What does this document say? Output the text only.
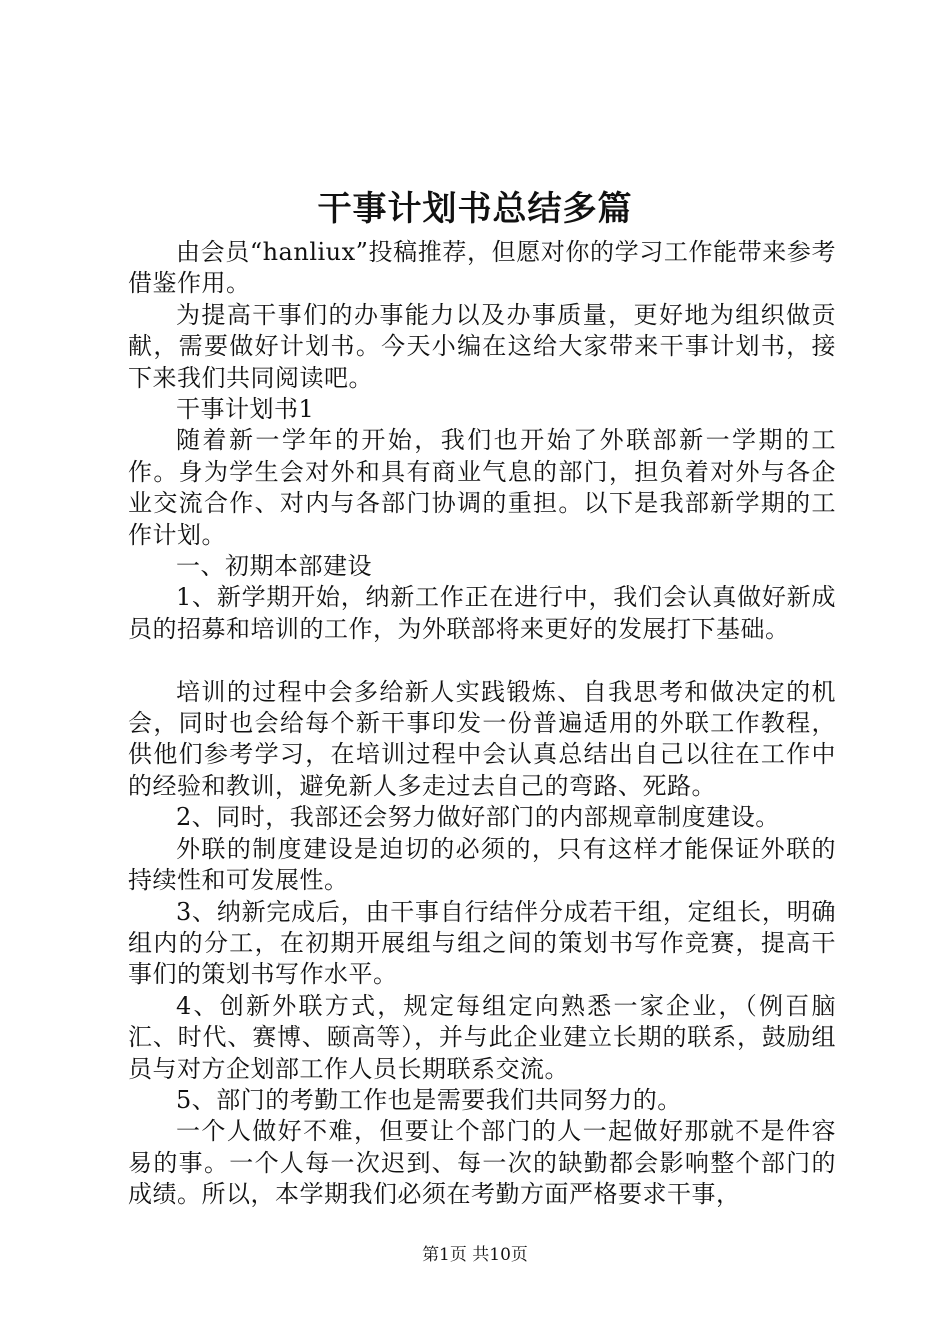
干事计划书总结多篇

由会员“hanliux”投稿推荐，但愿对你的学习工作能带来参考借鉴作用。

为提高干事们的办事能力以及办事质量，更好地为组织做贡献，需要做好计划书。今天小编在这给大家带来干事计划书，接下来我们共同阅读吧。

干事计划书1

随着新一学年的开始，我们也开始了外联部新一学期的工作。身为学生会对外和具有商业气息的部门，担负着对外与各企业交流合作、对内与各部门协调的重担。以下是我部新学期的工作计划。

一、初期本部建设

1、新学期开始，纳新工作正在进行中，我们会认真做好新成员的招募和培训的工作，为外联部将来更好的发展打下基础。

培训的过程中会多给新人实践锻炼、自我思考和做决定的机会，同时也会给每个新干事印发一份普遍适用的外联工作教程，供他们参考学习，在培训过程中会认真总结出自己以往在工作中的经验和教训，避免新人多走过去自己的弯路、死路。

2、同时，我部还会努力做好部门的内部规章制度建设。

外联的制度建设是迫切的必须的，只有这样才能保证外联的持续性和可发展性。

3、纳新完成后，由干事自行结伴分成若干组，定组长，明确组内的分工，在初期开展组与组之间的策划书写作竞赛，提高干事们的策划书写作水平。

4、创新外联方式，规定每组定向熟悉一家企业，（例百脑汇、时代、赛博、颐高等），并与此企业建立长期的联系，鼓励组员与对方企划部工作人员长期联系交流。

5、部门的考勤工作也是需要我们共同努力的。

一个人做好不难，但要让个部门的人一起做好那就不是件容易的事。一个人每一次迟到、每一次的缺勤都会影响整个部门的成绩。所以，本学期我们必须在考勤方面严格要求干事，

第1页 共10页
